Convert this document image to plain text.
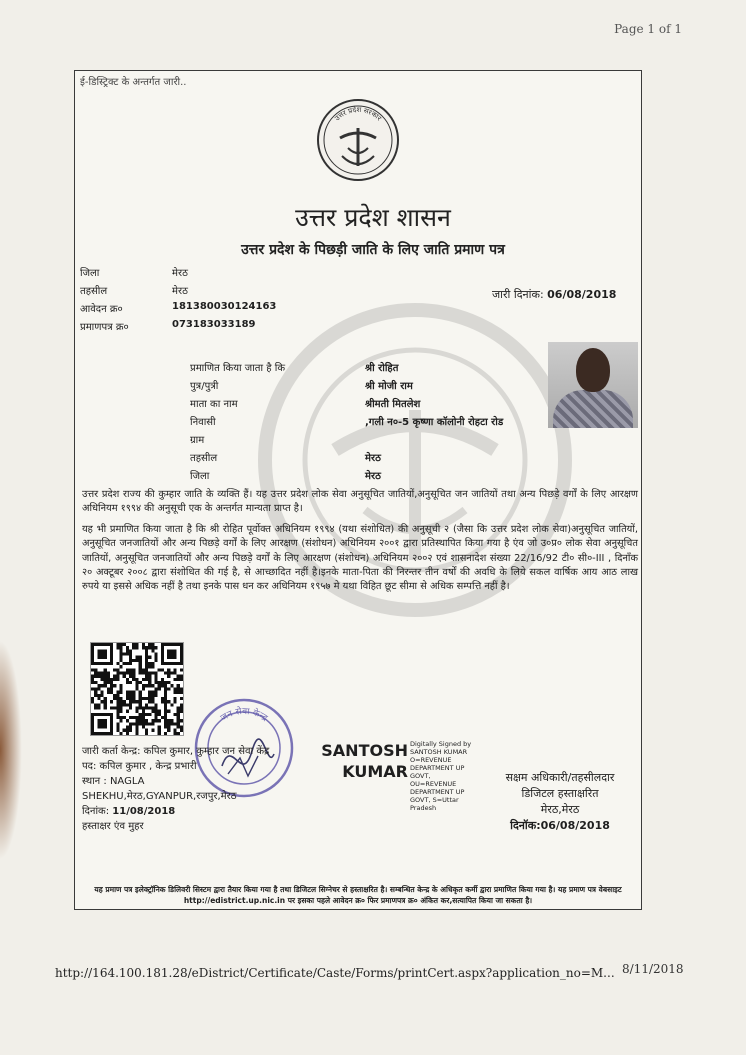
Page 1 of 1
ई-डिस्ट्रिक्ट के अन्तर्गत जारी..
उत्तर प्रदेश सरकार
उत्तर प्रदेश शासन
उत्तर प्रदेश के पिछड़ी जाति के लिए जाति प्रमाण पत्र
जिला	मेरठ
तहसील	मेरठ
आवेदन क्र०	181380030124163
प्रमाणपत्र क्र०	073183033189
जारी दिनांक: 06/08/2018
प्रमाणित किया जाता है कि	श्री रोहित
पुत्र/पुत्री	श्री मोजी राम
माता का नाम	श्रीमती मितलेश
निवासी	,गली न०-5 कृष्णा कॉलोनी रोहटा रोड
ग्राम
तहसील	मेरठ
जिला	मेरठ
उत्तर प्रदेश राज्य की कुम्हार जाति के व्यक्ति हैं। यह उत्तर प्रदेश लोक सेवा अनुसूचित जातियों,अनुसूचित जन जातियों तथा अन्य पिछड़े वर्गों के लिए आरक्षण अधिनियम १९९४ की अनुसूची एक के अन्तर्गत मान्यता प्राप्त है।
यह भी प्रमाणित किया जाता है कि श्री रोहित पूर्वोक्त अधिनियम १९९४ (यथा संशोधित) की अनुसूची २ (जैसा कि उत्तर प्रदेश लोक सेवा)अनुसूचित जातियों, अनुसूचित जनजातियों और अन्य पिछड़े वर्गों के लिए आरक्षण (संशोधन) अधिनियम २००१ द्वारा प्रतिस्थापित किया गया है एंव जो उ०प्र० लोक सेवा अनुसूचित जातियों, अनुसूचित जनजातियों और अन्य पिछड़े वर्गों के लिए आरक्षण (संशोधन) अधिनियम २००२ एवं शासनादेश संख्या 22/16/92 टी० सी०-III , दिनाँक २० अक्टूबर २००८ द्वारा संशोधित की गई है, से आच्छादित नहीं है।इनके माता-पिता की निरन्तर तीन वर्षों की अवधि के लिये सकल वार्षिक आय आठ लाख रुपये या इससे अधिक नहीं है तथा इनके पास धन कर अधिनियम १९५७ मे यथा विहित छूट सीमा से अधिक सम्पत्ति नहीं है।
जन सेवा केन्द्र
जारी कर्ता केन्द्र: कपिल कुमार, कुम्हार जन सेवा केंद्र
पद: कपिल कुमार , केन्द्र प्रभारी
स्थान : NAGLA
SHEKHU,मेरठ,GYANPUR,रजपुर,मेरठ
दिनांक: 11/08/2018
हस्ताक्षर एंव मुहर
SANTOSH
KUMAR
Digitally Signed by
SANTOSH KUMAR
O=REVENUE
DEPARTMENT UP
GOVT,
OU=REVENUE
DEPARTMENT UP
GOVT, S=Uttar
Pradesh
सक्षम अधिकारी/तहसीलदार
डिजिटल हस्ताक्षरित
मेरठ,मेरठ
दिनॉक:06/08/2018
यह प्रमाण पत्र इलेक्ट्रॉनिक डिलिवरी सिस्टम द्वारा तैयार किया गया है तथा डिजिटल सिग्नेचर से हस्ताक्षरित है। सम्बन्धित केन्द्र के अधिकृत कर्मी द्वारा प्रमाणित किया गया है। यह प्रमाण पत्र वेबसाइट http://edistrict.up.nic.in पर इसका पहले आवेदन क्र० फिर प्रमाणपत्र क्र० अंकित कर,सत्यापित किया जा सकता है।
http://164.100.181.28/eDistrict/Certificate/Caste/Forms/printCert.aspx?application_no=M... 8/11/2018
